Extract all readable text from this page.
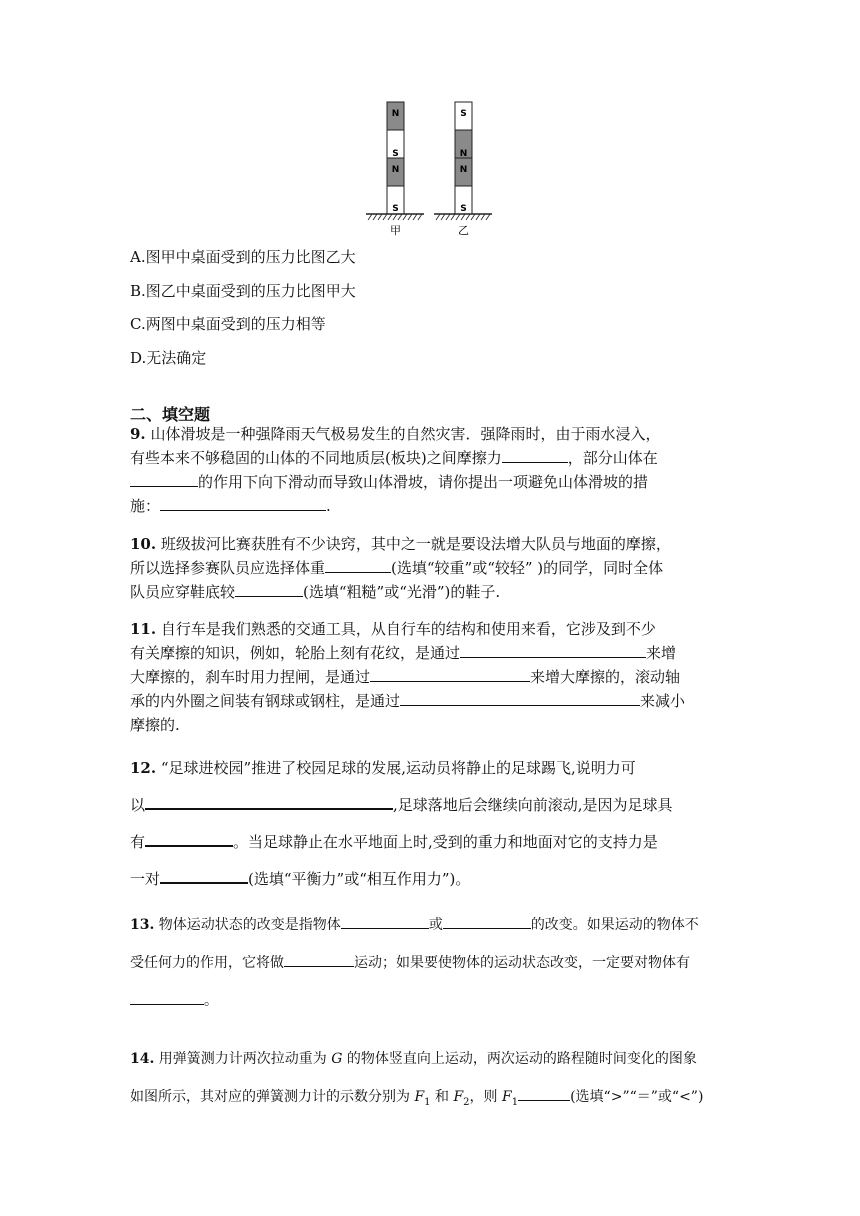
N
S
N
S
S
N
N
S
甲	乙
A.图甲中桌面受到的压力比图乙大
B.图乙中桌面受到的压力比图甲大
C.两图中桌面受到的压力相等
D.无法确定
二、填空题
9. 山体滑坡是一种强降雨天气极易发生的自然灾害．强降雨时，由于雨水浸入，
有些本来不够稳固的山体的不同地质层(板块)之间摩擦力	，部分山体在
的作用下向下滑动而导致山体滑坡，请你提出一项避免山体滑坡的措
施：	.
10. 班级拔河比赛获胜有不少诀窍，其中之一就是要设法增大队员与地面的摩擦，
所以选择参赛队员应选择体重	(选填“较重”或“较轻” )的同学，同时全体
队员应穿鞋底较	(选填“粗糙”或“光滑”)的鞋子.
11. 自行车是我们熟悉的交通工具，从自行车的结构和使用来看，它涉及到不少
有关摩擦的知识，例如，轮胎上刻有花纹，是通过	来增
大摩擦的，刹车时用力捏闸，是通过	来增大摩擦的，滚动轴
承的内外圈之间装有钢球或钢柱，是通过	来减小
摩擦的.
12. “足球进校园”推进了校园足球的发展,运动员将静止的足球踢飞,说明力可
以	,足球落地后会继续向前滚动,是因为足球具
有	。当足球静止在水平地面上时,受到的重力和地面对它的支持力是
一对	(选填“平衡力”或“相互作用力”)。
13. 物体运动状态的改变是指物体	或	的改变。如果运动的物体不
受任何力的作用，它将做	运动；如果要使物体的运动状态改变，一定要对物体有
。
14. 用弹簧测力计两次拉动重为 G 的物体竖直向上运动，两次运动的路程随时间变化的图象
如图所示，其对应的弹簧测力计的示数分别为 $F_1$ 和 $F_2$，则 $F_1$	(选填“>”“＝”或“<”)
